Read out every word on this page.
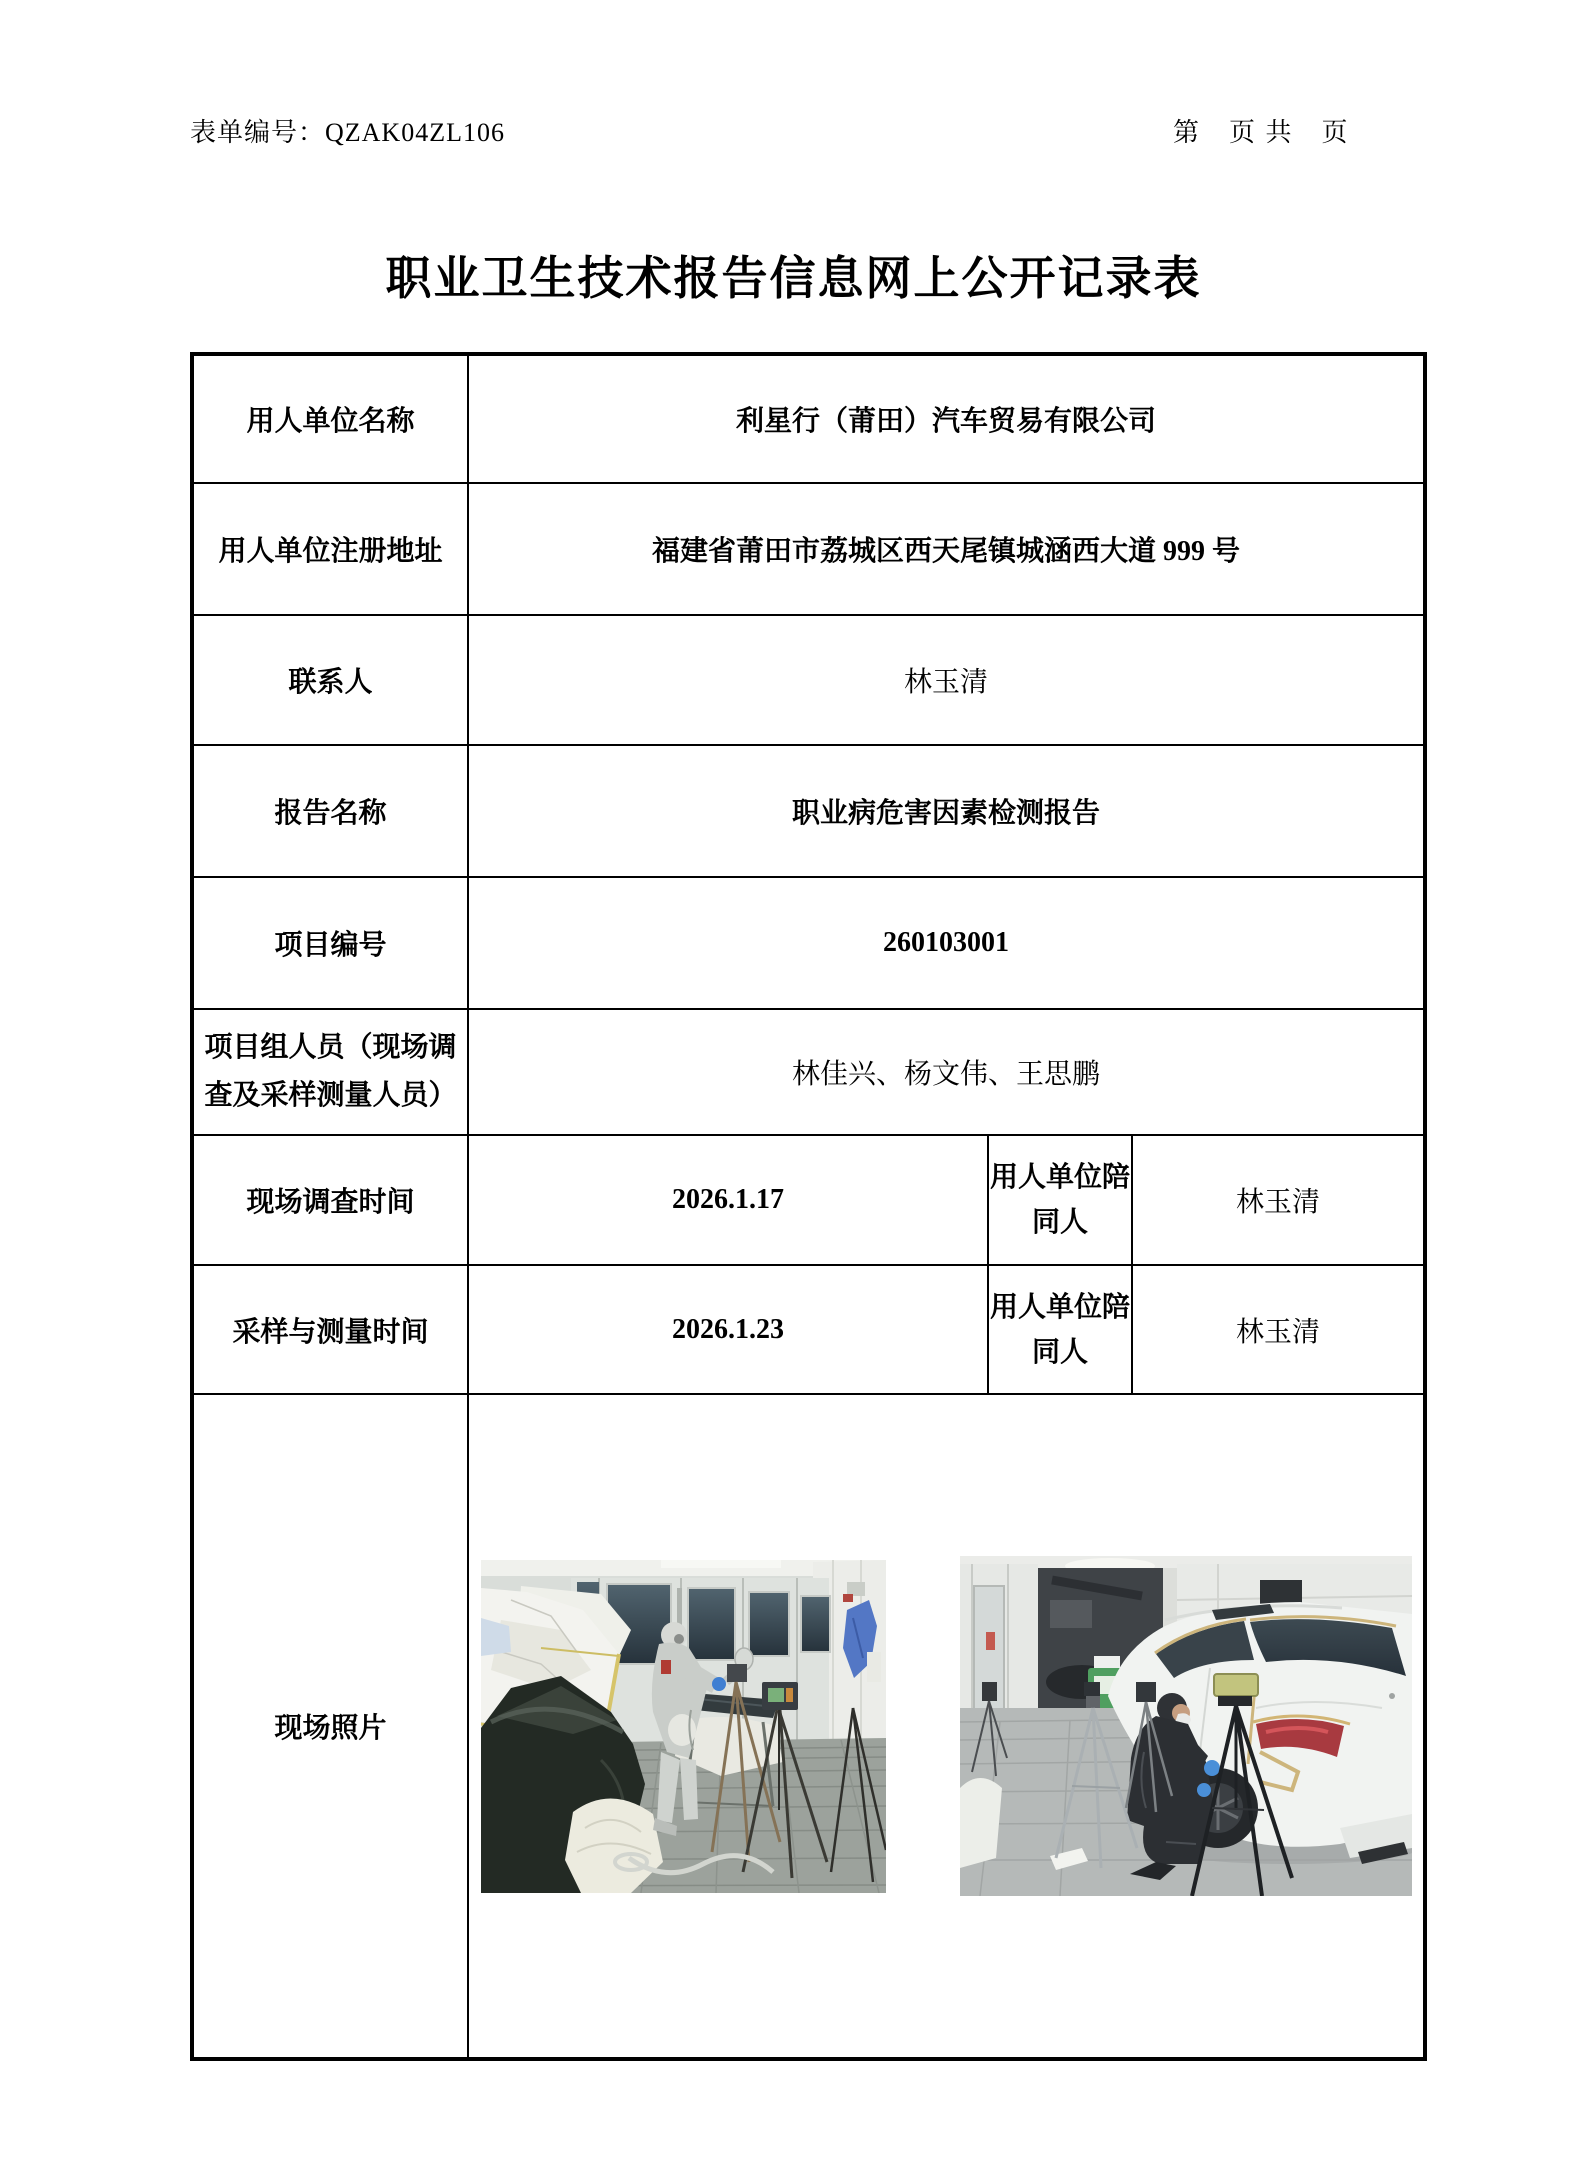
表单编号：QZAK04ZL106	第　页 共　页
职业卫生技术报告信息网上公开记录表
用人单位名称	利星行（莆田）汽车贸易有限公司		
用人单位注册地址	福建省莆田市荔城区西天尾镇城涵西大道 999 号		
联系人	林玉清		
报告名称	职业病危害因素检测报告		
项目编号	260103001		
项目组人员（现场调查及采样测量人员）	林佳兴、杨文伟、王思鹏		
现场调查时间	2026.1.17	用人单位陪同人	林玉清
采样与测量时间	2026.1.23	用人单位陪同人	林玉清
现场照片	
